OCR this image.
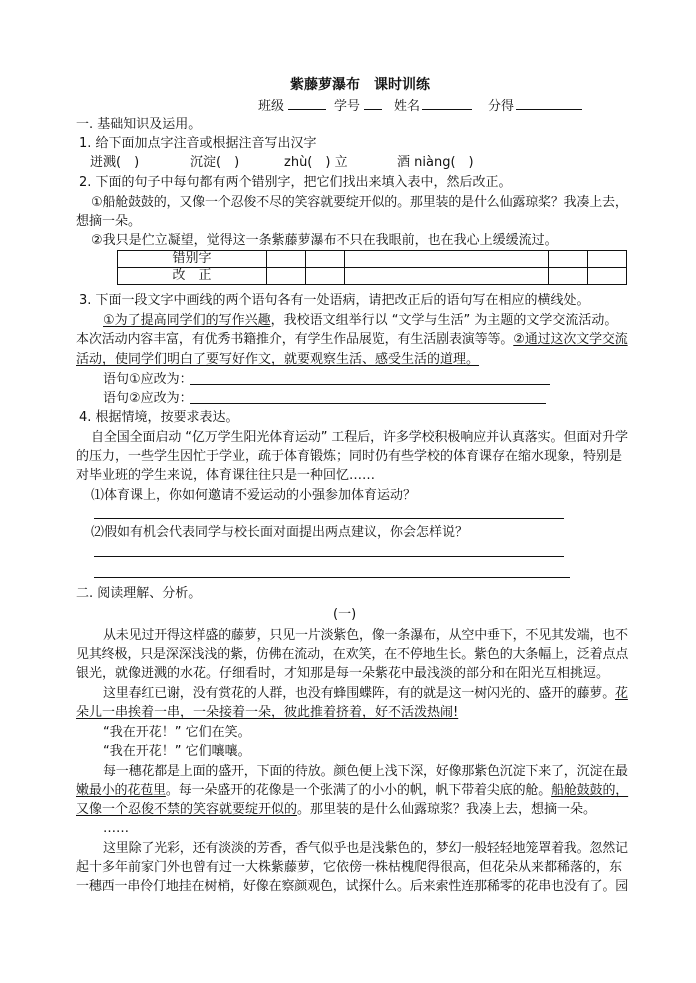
紫藤萝瀑布　课时训练
班级	学号	姓名	分得
一. 基础知识及运用。
1. 给下面加点字注音或根据注音写出汉字
迸溅(　)	沉淀(　)	zhù(　) 立	酒 niàng(　)
2. 下面的句子中每句都有两个错别字，把它们找出来填入表中，然后改正。
①船舱鼓鼓的，又像一个忍俊不尽的笑容就要绽开似的。那里装的是什么仙露琼桨？我凑上去，
想摘一朵。
②我只是伫立凝望，觉得这一条紫藤萝瀑布不只在我眼前，也在我心上缓缓流过。
错别字					
改　正					
3. 下面一段文字中画线的两个语句各有一处语病，请把改正后的语句写在相应的横线处。
①为了提高同学们的写作兴趣，我校语文组举行以 “文学与生活” 为主题的文学交流活动。
本次活动内容丰富，有优秀书籍推介，有学生作品展览，有生活剧表演等等。②通过这次文学交流
活动，使同学们明白了要写好作文，就要观察生活、感受生活的道理。
语句①应改为：
语句②应改为：
4. 根据情境，按要求表达。
自全国全面启动 “亿万学生阳光体育运动” 工程后，许多学校积极响应并认真落实。但面对升学
的压力，一些学生因忙于学业，疏于体育锻炼；同时仍有些学校的体育课存在缩水现象，特别是
对毕业班的学生来说，体育课往往只是一种回忆……
⑴体育课上，你如何邀请不爱运动的小强参加体育运动？
⑵假如有机会代表同学与校长面对面提出两点建议，你会怎样说？
二. 阅读理解、分析。
(一)
从未见过开得这样盛的藤萝，只见一片淡紫色，像一条瀑布，从空中垂下，不见其发端，也不
见其终极，只是深深浅浅的紫，仿佛在流动，在欢笑，在不停地生长。紫色的大条幅上，泛着点点
银光，就像迸溅的水花。仔细看时，才知那是每一朵紫花中最浅淡的部分和在阳光互相挑逗。
这里春红已谢，没有赏花的人群，也没有蜂围蝶阵，有的就是这一树闪光的、盛开的藤萝。花
朵儿一串挨着一串，一朵接着一朵，彼此推着挤着，好不活泼热闹!
“我在开花！” 它们在笑。
“我在开花！” 它们嚷嚷。
每一穗花都是上面的盛开，下面的待放。颜色便上浅下深，好像那紫色沉淀下来了，沉淀在最
嫩最小的花苞里。每一朵盛开的花像是一个张满了的小小的帆，帆下带着尖底的舱。船舱鼓鼓的，
又像一个忍俊不禁的笑容就要绽开似的。那里装的是什么仙露琼浆？我凑上去，想摘一朵。
……
这里除了光彩，还有淡淡的芳香，香气似乎也是浅紫色的，梦幻一般轻轻地笼罩着我。忽然记
起十多年前家门外也曾有过一大株紫藤萝，它依傍一株枯槐爬得很高，但花朵从来都稀落的，东
一穗西一串伶仃地挂在树梢，好像在察颜观色，试探什么。后来索性连那稀零的花串也没有了。园
